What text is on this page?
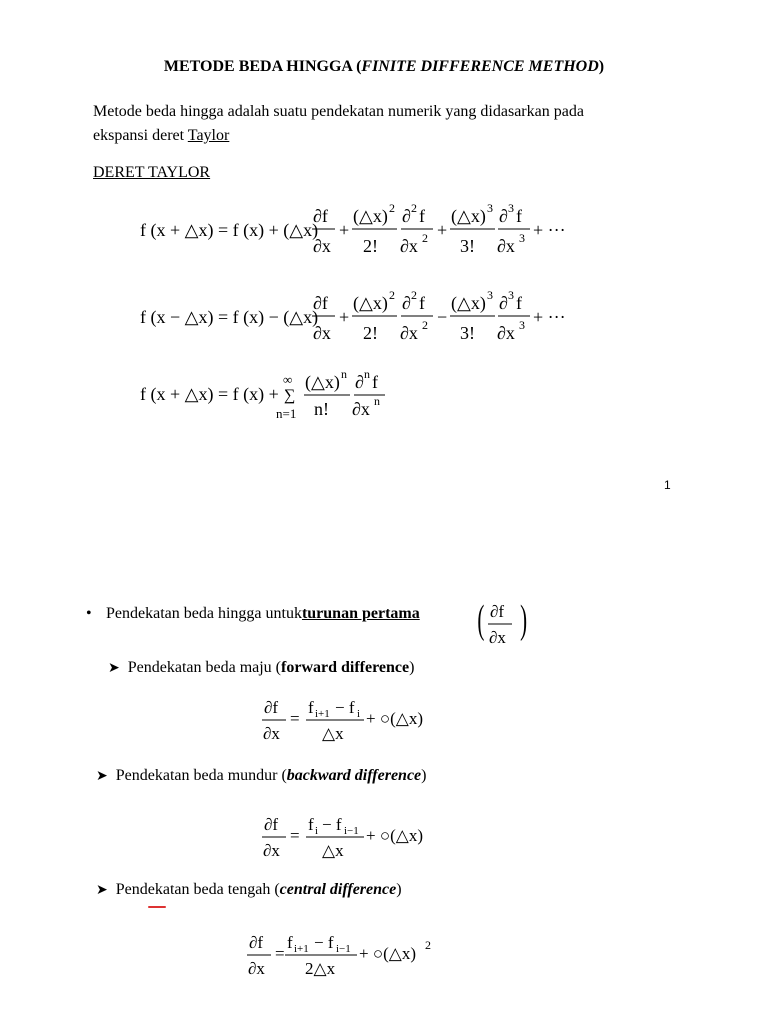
METODE BEDA HINGGA (FINITE DIFFERENCE METHOD)
Metode beda hingga adalah suatu pendekatan numerik yang didasarkan pada
ekspansi deret Taylor
DERET TAYLOR
f (x + △x) = f (x) + (△x)
∂f
∂x
+
(△x) 2
2!
∂ 2 f
∂x 2 +
(△x) 3
3!
∂ 3 f
∂x 3 + ···
f (x − △x) = f (x) − (△x)
∂f
∂x
+
(△x) 2
2!
∂ 2 f
∂x 2 −
(△x) 3
3!
∂ 3 f
∂x 3 + ···
f (x + △x) = f (x) +
∞
∑
n=1
(△x) n
n!
∂ n f
∂x n
1
• Pendekatan beda hingga untuk turunan pertama ( ∂f
∂x )
➤ Pendekatan beda maju ( forward difference )
∂f
∂x
=
f i+1 − f i
△x
+ ○(△x)
➤ Pendekatan beda mundur ( backward difference )
∂f
∂x
=
f i − f i−1
△x
+ ○(△x)
➤ Pendekatan beda tengah ( central difference )
∂f
∂x
=
f i+1 − f i−1
2△x
+ ○(△x) 2
